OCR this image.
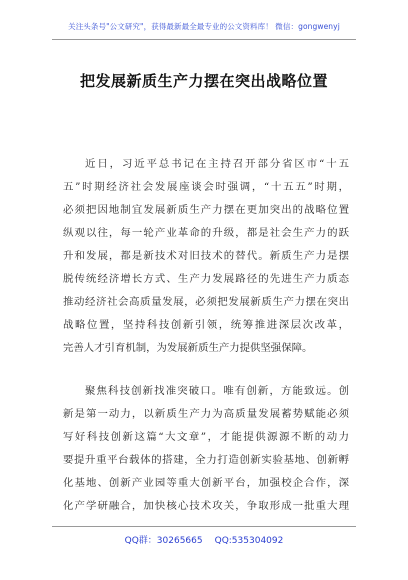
关注头条号"公文研究"，获得最新最全最专业的公文资料库！ 微信：gongwenyj
把发展新质生产力摆在突出战略位置
近日，习近平总书记在主持召开部分省区市“十五
五”时期经济社会发展座谈会时强调，“十五五”时期，
必须把因地制宜发展新质生产力摆在更加突出的战略位置
纵观以往，每一轮产业革命的升级，都是社会生产力的跃
升和发展，都是新技术对旧技术的替代。新质生产力是摆
脱传统经济增长方式、生产力发展路径的先进生产力质态
推动经济社会高质量发展，必须把发展新质生产力摆在突出
战略位置，坚持科技创新引领，统筹推进深层次改革，
完善人才引育机制，为发展新质生产力提供坚强保障。
聚焦科技创新找准突破口。唯有创新，方能致远。创
新是第一动力，以新质生产力为高质量发展蓄势赋能必须
写好科技创新这篇“大文章”，才能提供源源不断的动力
要提升重平台载体的搭建，全力打造创新实验基地、创新孵
化基地、创新产业园等重大创新平台，加强校企合作，深
化产学研融合，加快核心技术攻关，争取形成一批重大理
QQ群：30265665 QQ:535304092
